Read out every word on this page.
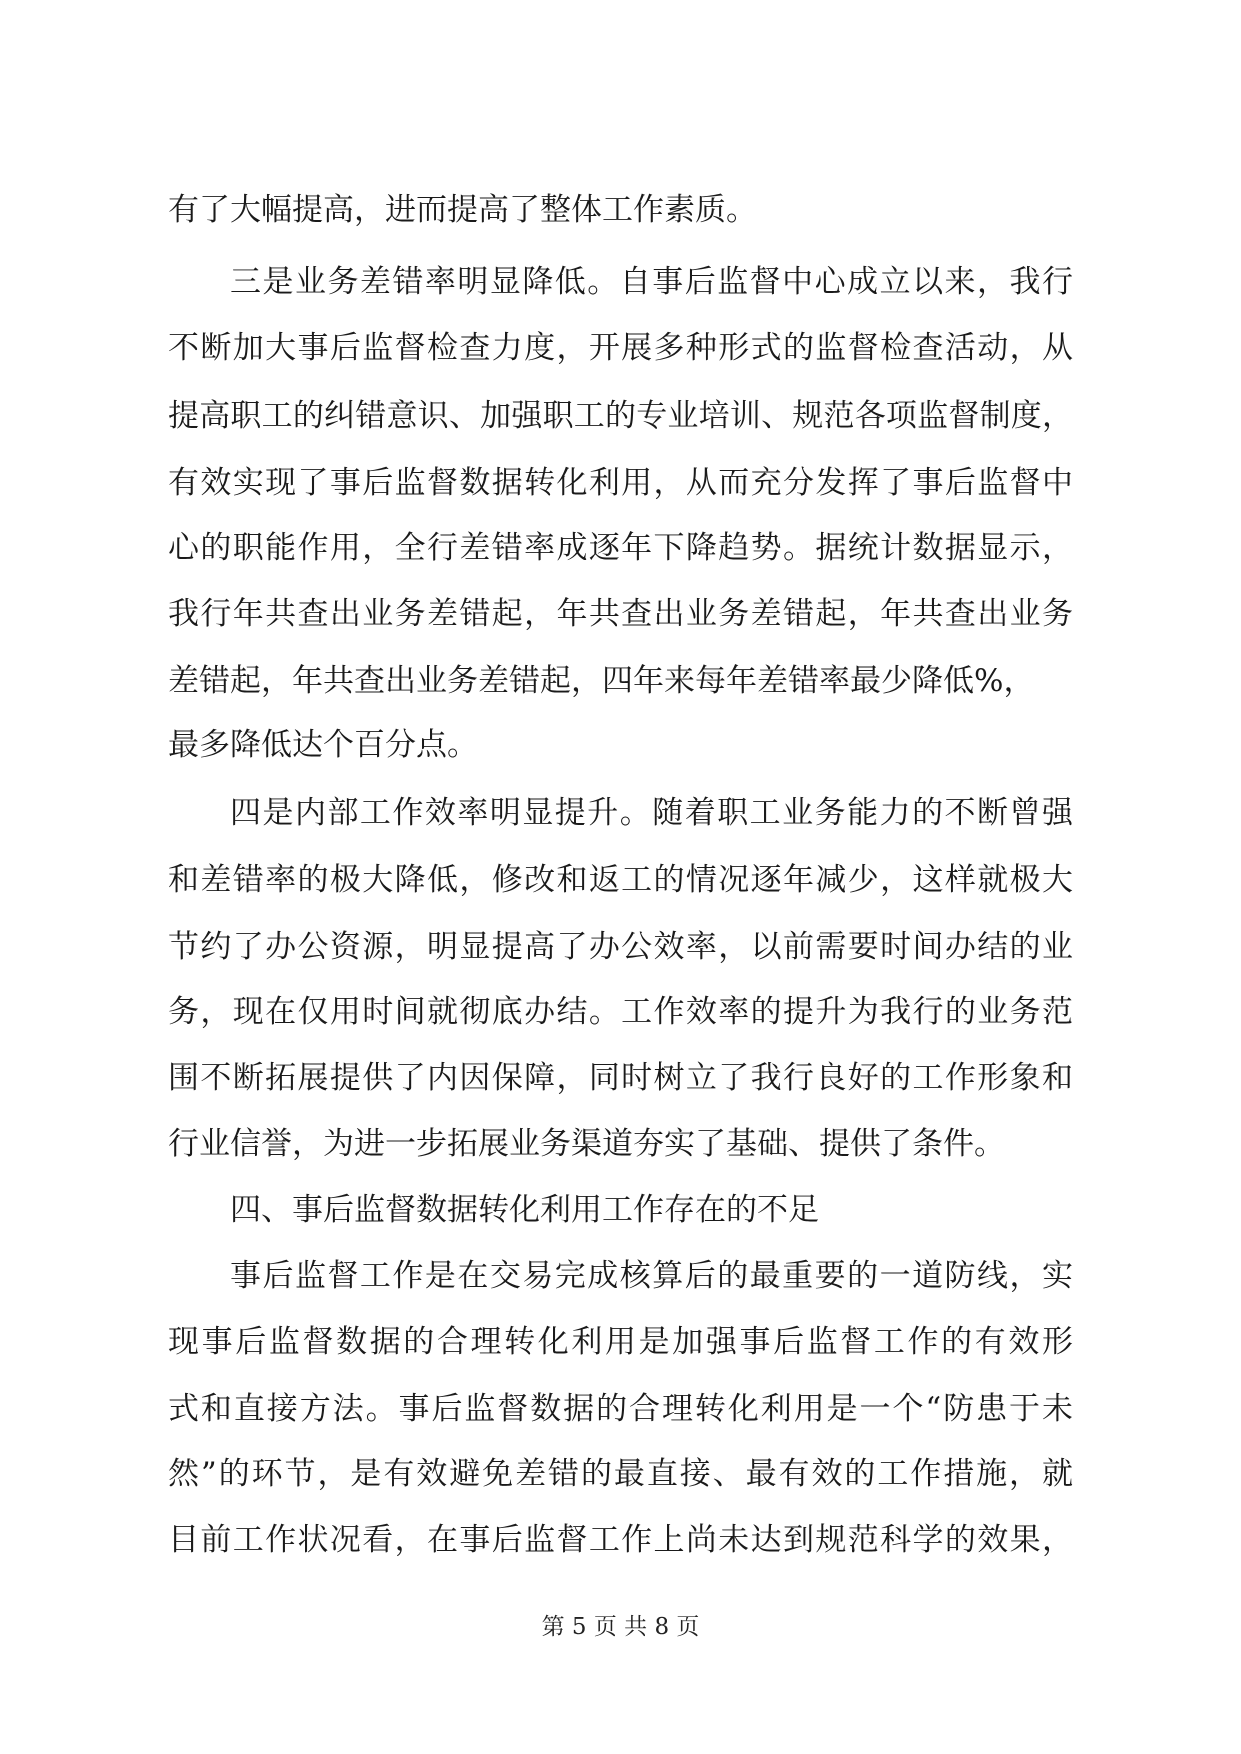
有了大幅提高，进而提高了整体工作素质。
三是业务差错率明显降低。自事后监督中心成立以来，我行
不断加大事后监督检查力度，开展多种形式的监督检查活动，从
提高职工的纠错意识、加强职工的专业培训、规范各项监督制度，
有效实现了事后监督数据转化利用，从而充分发挥了事后监督中
心的职能作用，全行差错率成逐年下降趋势。据统计数据显示，
我行年共查出业务差错起，年共查出业务差错起，年共查出业务
差错起，年共查出业务差错起，四年来每年差错率最少降低%，
最多降低达个百分点。
四是内部工作效率明显提升。随着职工业务能力的不断曾强
和差错率的极大降低，修改和返工的情况逐年减少，这样就极大
节约了办公资源，明显提高了办公效率，以前需要时间办结的业
务，现在仅用时间就彻底办结。工作效率的提升为我行的业务范
围不断拓展提供了内因保障，同时树立了我行良好的工作形象和
行业信誉，为进一步拓展业务渠道夯实了基础、提供了条件。
四、事后监督数据转化利用工作存在的不足
事后监督工作是在交易完成核算后的最重要的一道防线，实
现事后监督数据的合理转化利用是加强事后监督工作的有效形
式和直接方法。事后监督数据的合理转化利用是一个“防患于未
然”的环节，是有效避免差错的最直接、最有效的工作措施，就
目前工作状况看，在事后监督工作上尚未达到规范科学的效果，
第 5 页 共 8 页
